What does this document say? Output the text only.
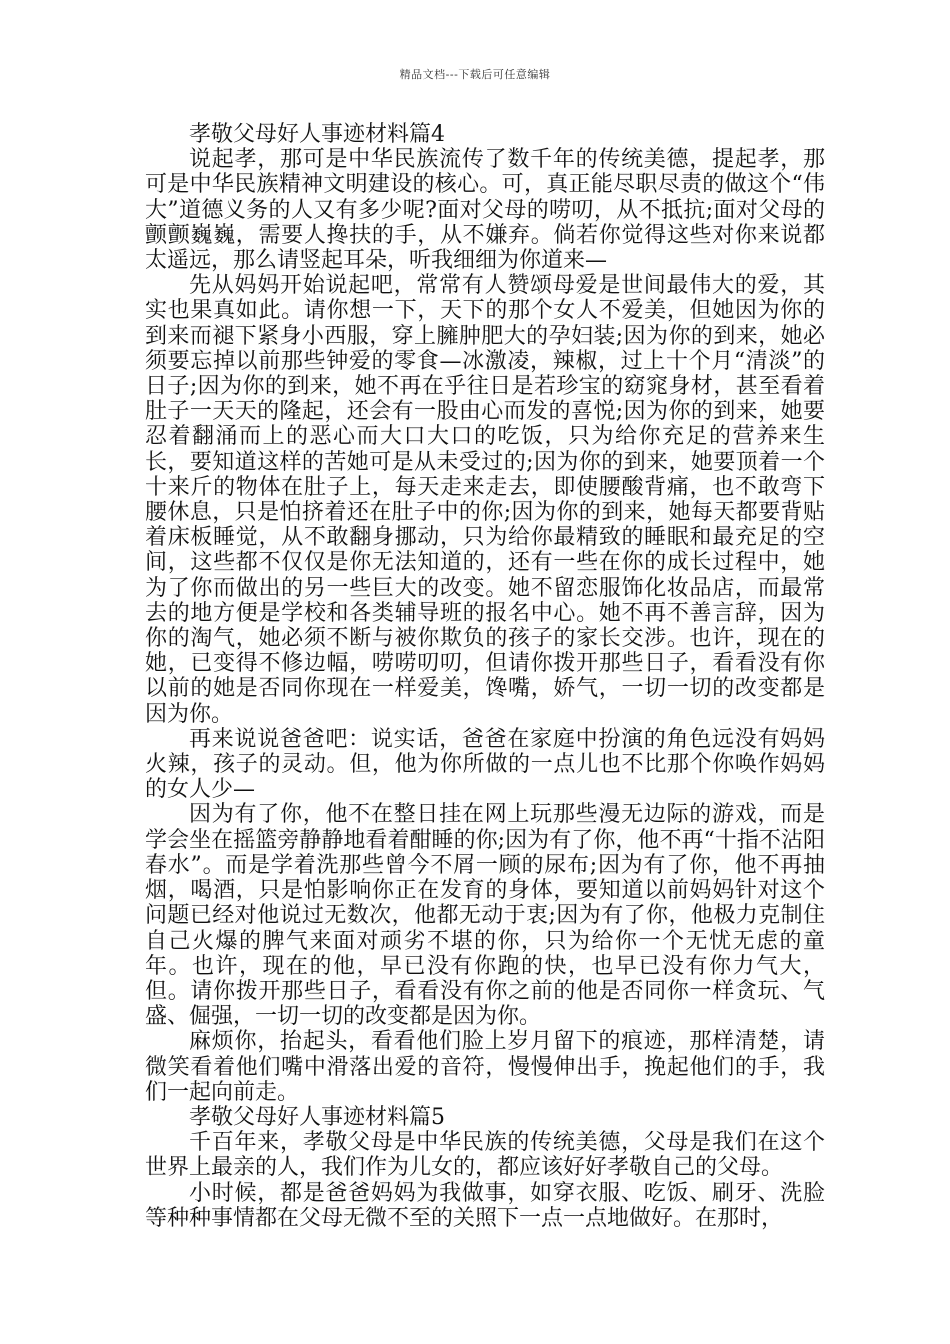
精品文档---下载后可任意编辑

孝敬父母好人事迹材料篇4

说起孝，那可是中华民族流传了数千年的传统美德，提起孝，那可是中华民族精神文明建设的核心。可，真正能尽职尽责的做这个“伟大”道德义务的人又有多少呢?面对父母的唠叨，从不抵抗;面对父母的颤颤巍巍，需要人搀扶的手，从不嫌弃。倘若你觉得这些对你来说都太遥远，那么请竖起耳朵，听我细细为你道来—

先从妈妈开始说起吧，常常有人赞颂母爱是世间最伟大的爱，其实也果真如此。请你想一下，天下的那个女人不爱美，但她因为你的到来而褪下紧身小西服，穿上臃肿肥大的孕妇装;因为你的到来，她必须要忘掉以前那些钟爱的零食—冰激凌，辣椒，过上十个月“清淡”的日子;因为你的到来，她不再在乎往日是若珍宝的窈窕身材，甚至看着肚子一天天的隆起，还会有一股由心而发的喜悦;因为你的到来，她要忍着翻涌而上的恶心而大口大口的吃饭，只为给你充足的营养来生长，要知道这样的苦她可是从未受过的;因为你的到来，她要顶着一个十来斤的物体在肚子上，每天走来走去，即使腰酸背痛，也不敢弯下腰休息，只是怕挤着还在肚子中的你;因为你的到来，她每天都要背贴着床板睡觉，从不敢翻身挪动，只为给你最精致的睡眠和最充足的空间，这些都不仅仅是你无法知道的，还有一些在你的成长过程中，她为了你而做出的另一些巨大的改变。她不留恋服饰化妆品店，而最常去的地方便是学校和各类辅导班的报名中心。她不再不善言辞，因为你的淘气，她必须不断与被你欺负的孩子的家长交涉。也许，现在的她，已变得不修边幅，唠唠叨叨，但请你拨开那些日子，看看没有你以前的她是否同你现在一样爱美，馋嘴，娇气，一切一切的改变都是因为你。

再来说说爸爸吧：说实话，爸爸在家庭中扮演的角色远没有妈妈火辣，孩子的灵动。但，他为你所做的一点儿也不比那个你唤作妈妈的女人少—

因为有了你，他不在整日挂在网上玩那些漫无边际的游戏，而是学会坐在摇篮旁静静地看着酣睡的你;因为有了你，他不再“十指不沾阳春水”。而是学着洗那些曾今不屑一顾的尿布;因为有了你，他不再抽烟，喝酒，只是怕影响你正在发育的身体，要知道以前妈妈针对这个问题已经对他说过无数次，他都无动于衷;因为有了你，他极力克制住自己火爆的脾气来面对顽劣不堪的你，只为给你一个无忧无虑的童年。也许，现在的他，早已没有你跑的快，也早已没有你力气大，但。请你拨开那些日子，看看没有你之前的他是否同你一样贪玩、气盛、倔强，一切一切的改变都是因为你。

麻烦你，抬起头，看看他们脸上岁月留下的痕迹，那样清楚，请微笑看着他们嘴中滑落出爱的音符，慢慢伸出手，挽起他们的手，我们一起向前走。

孝敬父母好人事迹材料篇5

千百年来，孝敬父母是中华民族的传统美德，父母是我们在这个世界上最亲的人，我们作为儿女的，都应该好好孝敬自己的父母。

小时候，都是爸爸妈妈为我做事，如穿衣服、吃饭、刷牙、洗脸等种种事情都在父母无微不至的关照下一点一点地做好。在那时，
